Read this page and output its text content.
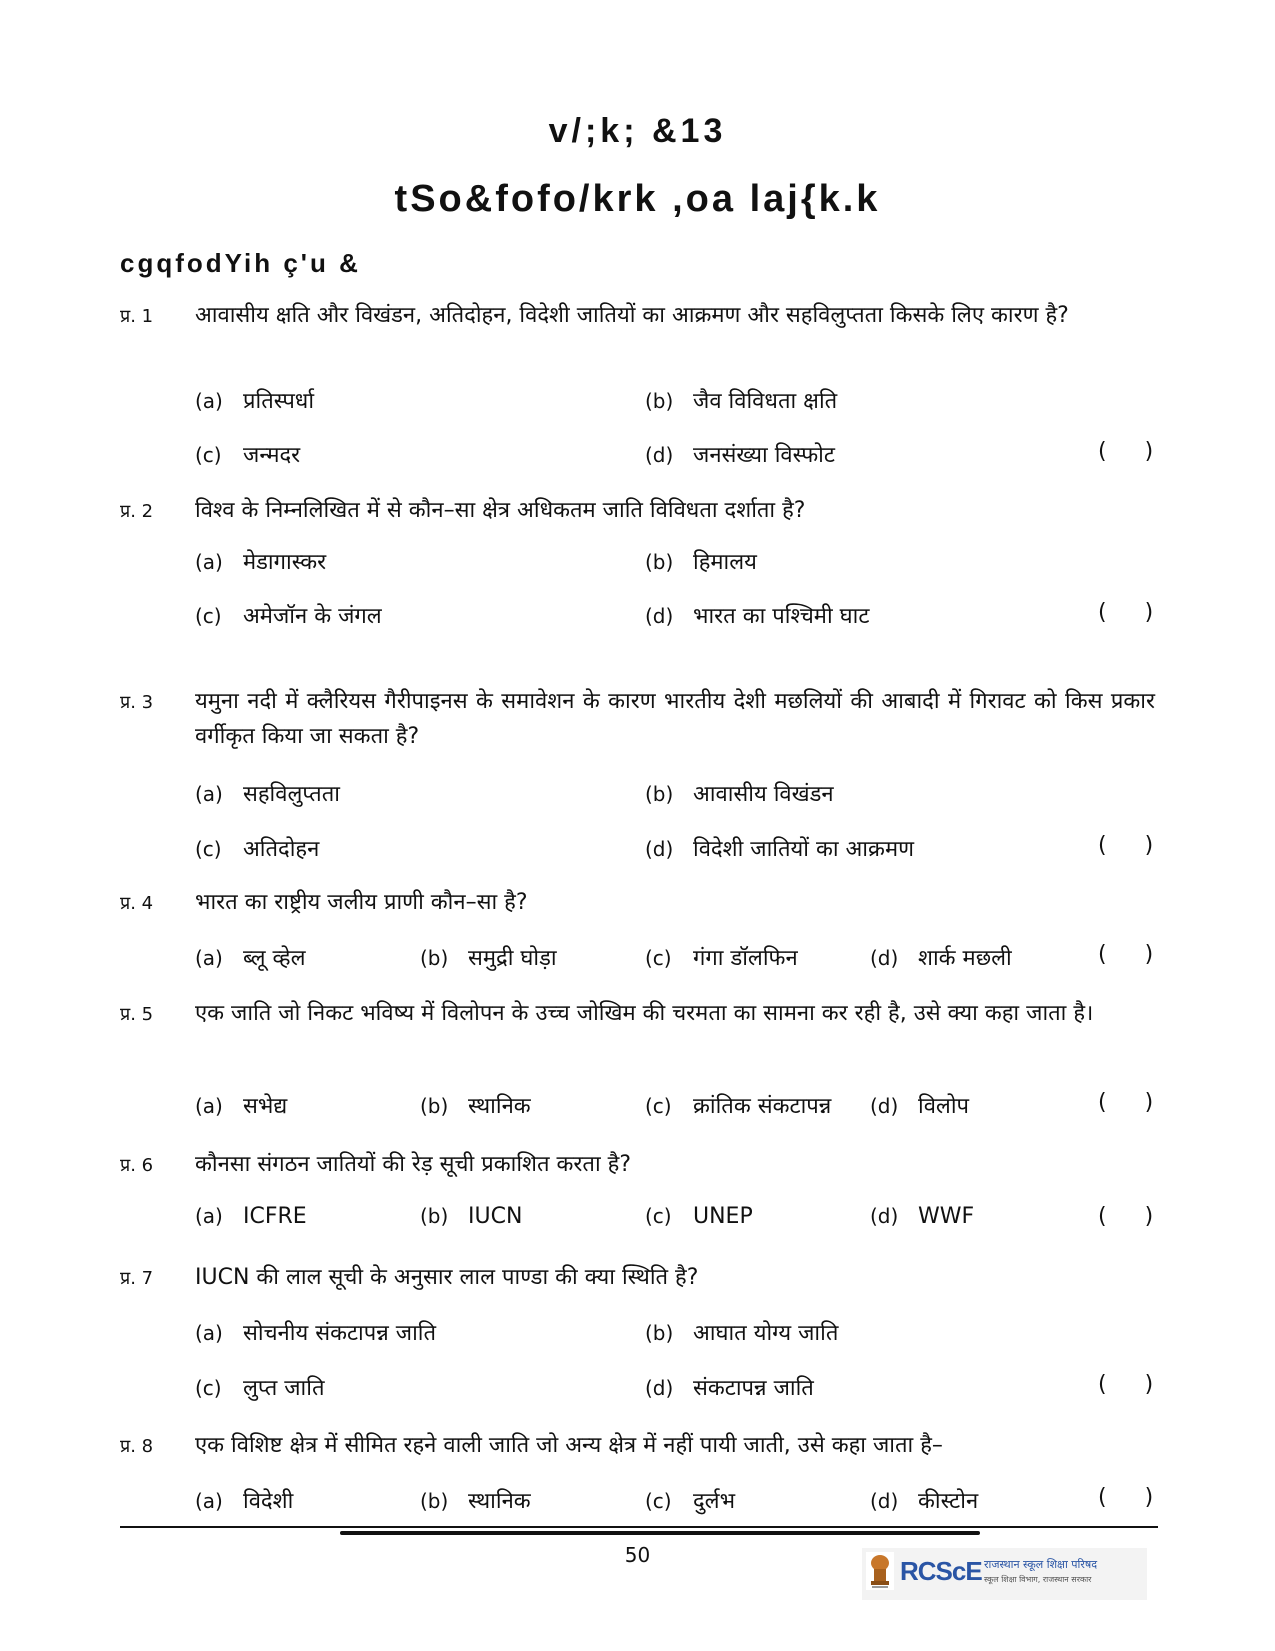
v/;k; &13
tSo&fofo/krk ,oa laj{k.k
cgqfodYih ç'u &
प्र. 1 आवासीय क्षति और विखंडन, अतिदोहन, विदेशी जातियों का आक्रमण और सहविलुप्तता किसके लिए कारण है?
(a) प्रतिस्पर्धा	(b) जैव विविधता क्षति
(c) जन्मदर	(d) जनसंख्या विस्फोट	( )
प्र. 2 विश्व के निम्नलिखित में से कौन–सा क्षेत्र अधिकतम जाति विविधता दर्शाता है?
(a) मेडागास्कर	(b) हिमालय
(c) अमेजॉन के जंगल	(d) भारत का पश्चिमी घाट	( )
प्र. 3 यमुना नदी में क्लैरियस गैरीपाइनस के समावेशन के कारण भारतीय देशी मछलियों की आबादी में गिरावट को किस प्रकार वर्गीकृत किया जा सकता है?
(a) सहविलुप्तता	(b) आवासीय विखंडन
(c) अतिदोहन	(d) विदेशी जातियों का आक्रमण	( )
प्र. 4 भारत का राष्ट्रीय जलीय प्राणी कौन–सा है?
(a) ब्लू व्हेल	(b) समुद्री घोड़ा	(c) गंगा डॉलफिन	(d) शार्क मछली	( )
प्र. 5 एक जाति जो निकट भविष्य में विलोपन के उच्च जोखिम की चरमता का सामना कर रही है, उसे क्या कहा जाता है।
(a) सभेद्य	(b) स्थानिक	(c) क्रांतिक संकटापन्न (d) विलोप	( )
प्र. 6 कौनसा संगठन जातियों की रेड़ सूची प्रकाशित करता है?
(a) ICFRE	(b) IUCN	(c) UNEP	(d) WWF	( )
प्र. 7 IUCN की लाल सूची के अनुसार लाल पाण्डा की क्या स्थिति है?
(a) सोचनीय संकटापन्न जाति	(b) आघात योग्य जाति
(c) लुप्त जाति	(d) संकटापन्न जाति	( )
प्र. 8 एक विशिष्ट क्षेत्र में सीमित रहने वाली जाति जो अन्य क्षेत्र में नहीं पायी जाती, उसे कहा जाता है–
(a) विदेशी	(b) स्थानिक	(c) दुर्लभ	(d) कीस्टोन	( )
50
RCScE राजस्थान स्कूल शिक्षा परिषद
स्कूल शिक्षा विभाग, राजस्थान सरकार
